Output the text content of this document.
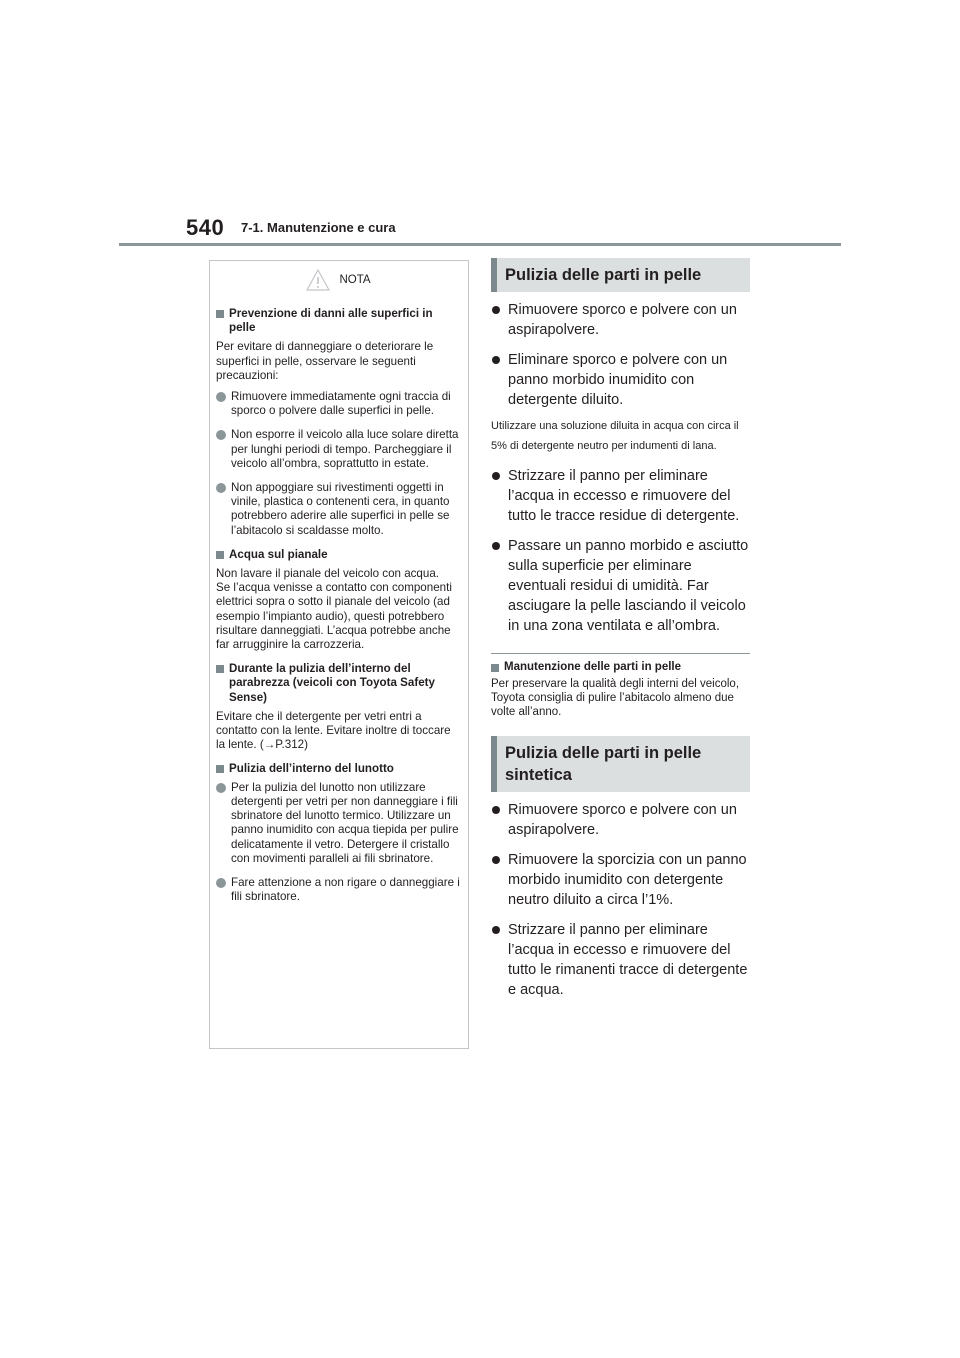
540 7-1. Manutenzione e cura
NOTA
Prevenzione di danni alle superfici in pelle
Per evitare di danneggiare o deteriorare le superfici in pelle, osservare le seguenti precauzioni:
Rimuovere immediatamente ogni traccia di sporco o polvere dalle superfici in pelle.
Non esporre il veicolo alla luce solare diretta per lunghi periodi di tempo. Parcheggiare il veicolo all’ombra, soprattutto in estate.
Non appoggiare sui rivestimenti oggetti in vinile, plastica o contenenti cera, in quanto potrebbero aderire alle superfici in pelle se l’abitacolo si scaldasse molto.
Acqua sul pianale
Non lavare il pianale del veicolo con acqua.
Se l’acqua venisse a contatto con componenti elettrici sopra o sotto il pianale del veicolo (ad esempio l’impianto audio), questi potrebbero risultare danneggiati. L’acqua potrebbe anche far arrugginire la carrozzeria.
Durante la pulizia dell’interno del parabrezza (veicoli con Toyota Safety Sense)
Evitare che il detergente per vetri entri a contatto con la lente. Evitare inoltre di toccare la lente. (→P.312)
Pulizia dell’interno del lunotto
Per la pulizia del lunotto non utilizzare detergenti per vetri per non danneggiare i fili sbrinatore del lunotto termico. Utilizzare un panno inumidito con acqua tiepida per pulire delicatamente il vetro. Detergere il cristallo con movimenti paralleli ai fili sbrinatore.
Fare attenzione a non rigare o danneggiare i fili sbrinatore.
Pulizia delle parti in pelle
Rimuovere sporco e polvere con un aspirapolvere.
Eliminare sporco e polvere con un panno morbido inumidito con detergente diluito.
Utilizzare una soluzione diluita in acqua con circa il 5% di detergente neutro per indumenti di lana.
Strizzare il panno per eliminare l’acqua in eccesso e rimuovere del tutto le tracce residue di detergente.
Passare un panno morbido e asciutto sulla superficie per eliminare eventuali residui di umidità. Far asciugare la pelle lasciando il veicolo in una zona ventilata e all’ombra.
Manutenzione delle parti in pelle
Per preservare la qualità degli interni del veicolo, Toyota consiglia di pulire l’abitacolo almeno due volte all’anno.
Pulizia delle parti in pelle sintetica
Rimuovere sporco e polvere con un aspirapolvere.
Rimuovere la sporcizia con un panno morbido inumidito con detergente neutro diluito a circa l’1%.
Strizzare il panno per eliminare l’acqua in eccesso e rimuovere del tutto le rimanenti tracce di detergente e acqua.
